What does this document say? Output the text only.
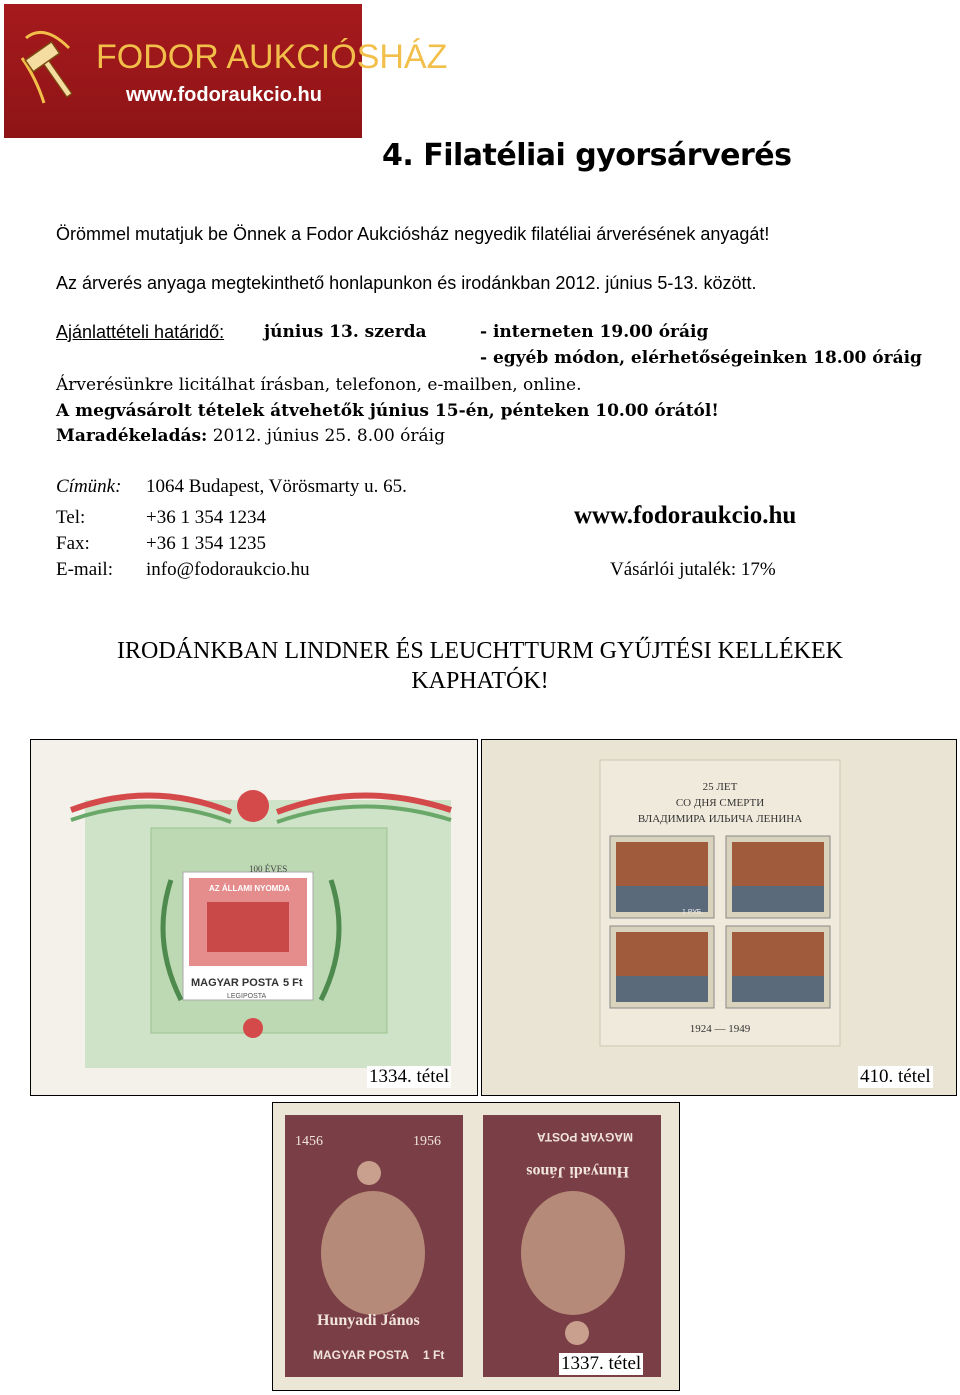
FODOR AUKCIÓSHÁZ
www.fodoraukcio.hu
4. Filatéliai gyorsárverés
Örömmel mutatjuk be Önnek a Fodor Aukciósház negyedik filatéliai árverésének anyagát!
Az árverés anyaga megtekinthető honlapunkon és irodánkban 2012. június 5-13. között.
Ajánlattételi határidő: június 13. szerda	- interneten 19.00 óráig
- egyéb módon, elérhetőségeinken 18.00 óráig
Árverésünkre licitálhat írásban, telefonon, e-mailben, online.
A megvásárolt tételek átvehetők június 15-én, pénteken 10.00 órától!
Maradékeladás: 2012. június 25. 8.00 óráig
Címünk: 1064 Budapest, Vörösmarty u. 65.
Tel:	+36 1 354 1234	www.fodoraukcio.hu
Fax:	+36 1 354 1235
E-mail: info@fodoraukcio.hu	Vásárlói jutalék: 17%
IRODÁNKBAN LINDNER ÉS LEUCHTTURM GYŰJTÉSI KELLÉKEK
KAPHATÓK!
100 ÉVES
AZ ÁLLAMI NYOMDA
MAGYAR POSTA 5 Ft
LEGIPOSTA
1334. tétel
25 ЛЕТ
СО ДНЯ СМЕРТИ
ВЛАДИМИРА ИЛЬИЧА ЛЕНИНА
1924 — 1949
1 РУБ.
410. tétel
1456	1956
Hunyadi János
MAGYAR POSTA 1 Ft
MAGYAR POSTA
Hunyadi János
1337. tétel
